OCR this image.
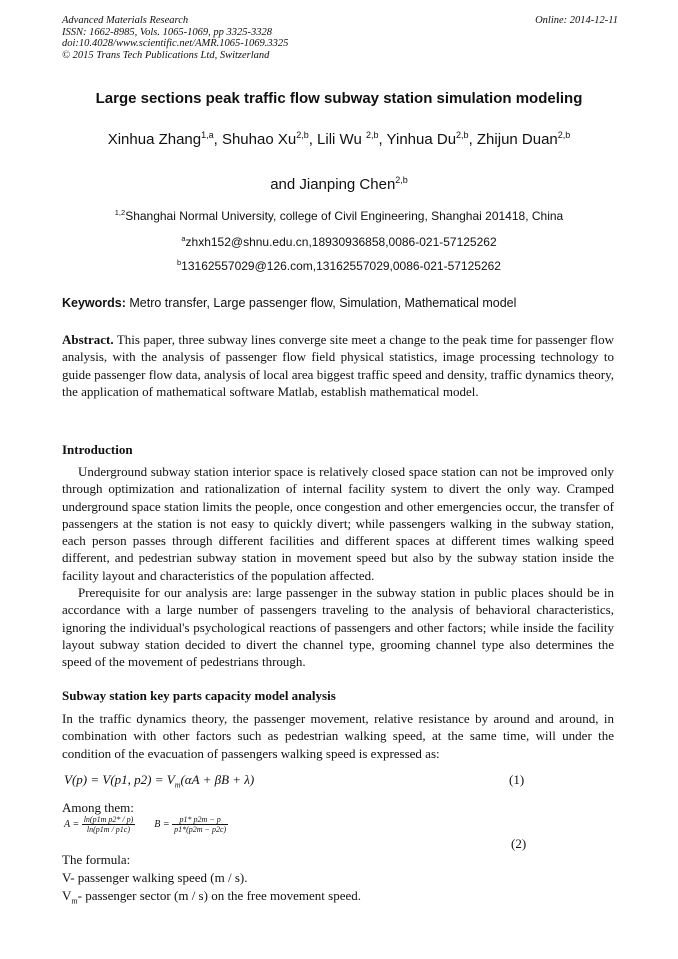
Advanced Materials Research
ISSN: 1662-8985, Vols. 1065-1069, pp 3325-3328
doi:10.4028/www.scientific.net/AMR.1065-1069.3325
© 2015 Trans Tech Publications Ltd, Switzerland
Online: 2014-12-11
Large sections peak traffic flow subway station simulation modeling
Xinhua Zhang$^{1,a}$, Shuhao Xu$^{2,b}$, Lili Wu $^{2,b}$, Yinhua Du$^{2,b}$, Zhijun Duan$^{2,b}$
and Jianping Chen$^{2,b}$
$^{1,2}$Shanghai Normal University, college of Civil Engineering, Shanghai 201418, China
$^a$zhxh152@shnu.edu.cn,18930936858,0086-021-57125262
$^b$13162557029@126.com,13162557029,0086-021-57125262
Keywords: Metro transfer, Large passenger flow, Simulation, Mathematical model

Abstract. This paper, three subway lines converge site meet a change to the peak time for passenger flow analysis, with the analysis of passenger flow field physical statistics, image processing technology to guide passenger flow data, analysis of local area biggest traffic speed and density, traffic dynamics theory, the application of mathematical software Matlab, establish mathematical model.

Introduction

Underground subway station interior space is relatively closed space station can not be improved only through optimization and rationalization of internal facility system to divert the only way. Cramped underground space station limits the people, once congestion and other emergencies occur, the transfer of passengers at the station is not easy to quickly divert; while passengers walking in the subway station, each person passes through different facilities and different spaces at different times walking speed different, and pedestrian subway station in movement speed but also by the subway station inside the facility layout and characteristics of the population affected.

Prerequisite for our analysis are: large passenger in the subway station in public places should be in accordance with a large number of passengers traveling to the analysis of behavioral characteristics, ignoring the individual's psychological reactions of passengers and other factors; while inside the facility layout subway station decided to divert the channel type, grooming channel type also determines the speed of the movement of pedestrians through.

Subway station key parts capacity model analysis

In the traffic dynamics theory, the passenger movement, relative resistance by around and around, in combination with other factors such as pedestrian walking speed, at the same time, will under the condition of the evacuation of passengers walking speed is expressed as:

V(p) = V(p1, $p2) = V_m(\alpha A + \beta B + \lambda)$	(1)
Among them:
$A = \frac{\text{ln(p1m p2* / p)}}{\ln(p1m / p1c)}$ $B = \frac{p1* p2m - p}{p1*(p2m - p2c)}$
(2)
The formula:
V- passenger walking speed (m / s).
$V_m-$ passenger sector (m / s) on the free movement speed.
